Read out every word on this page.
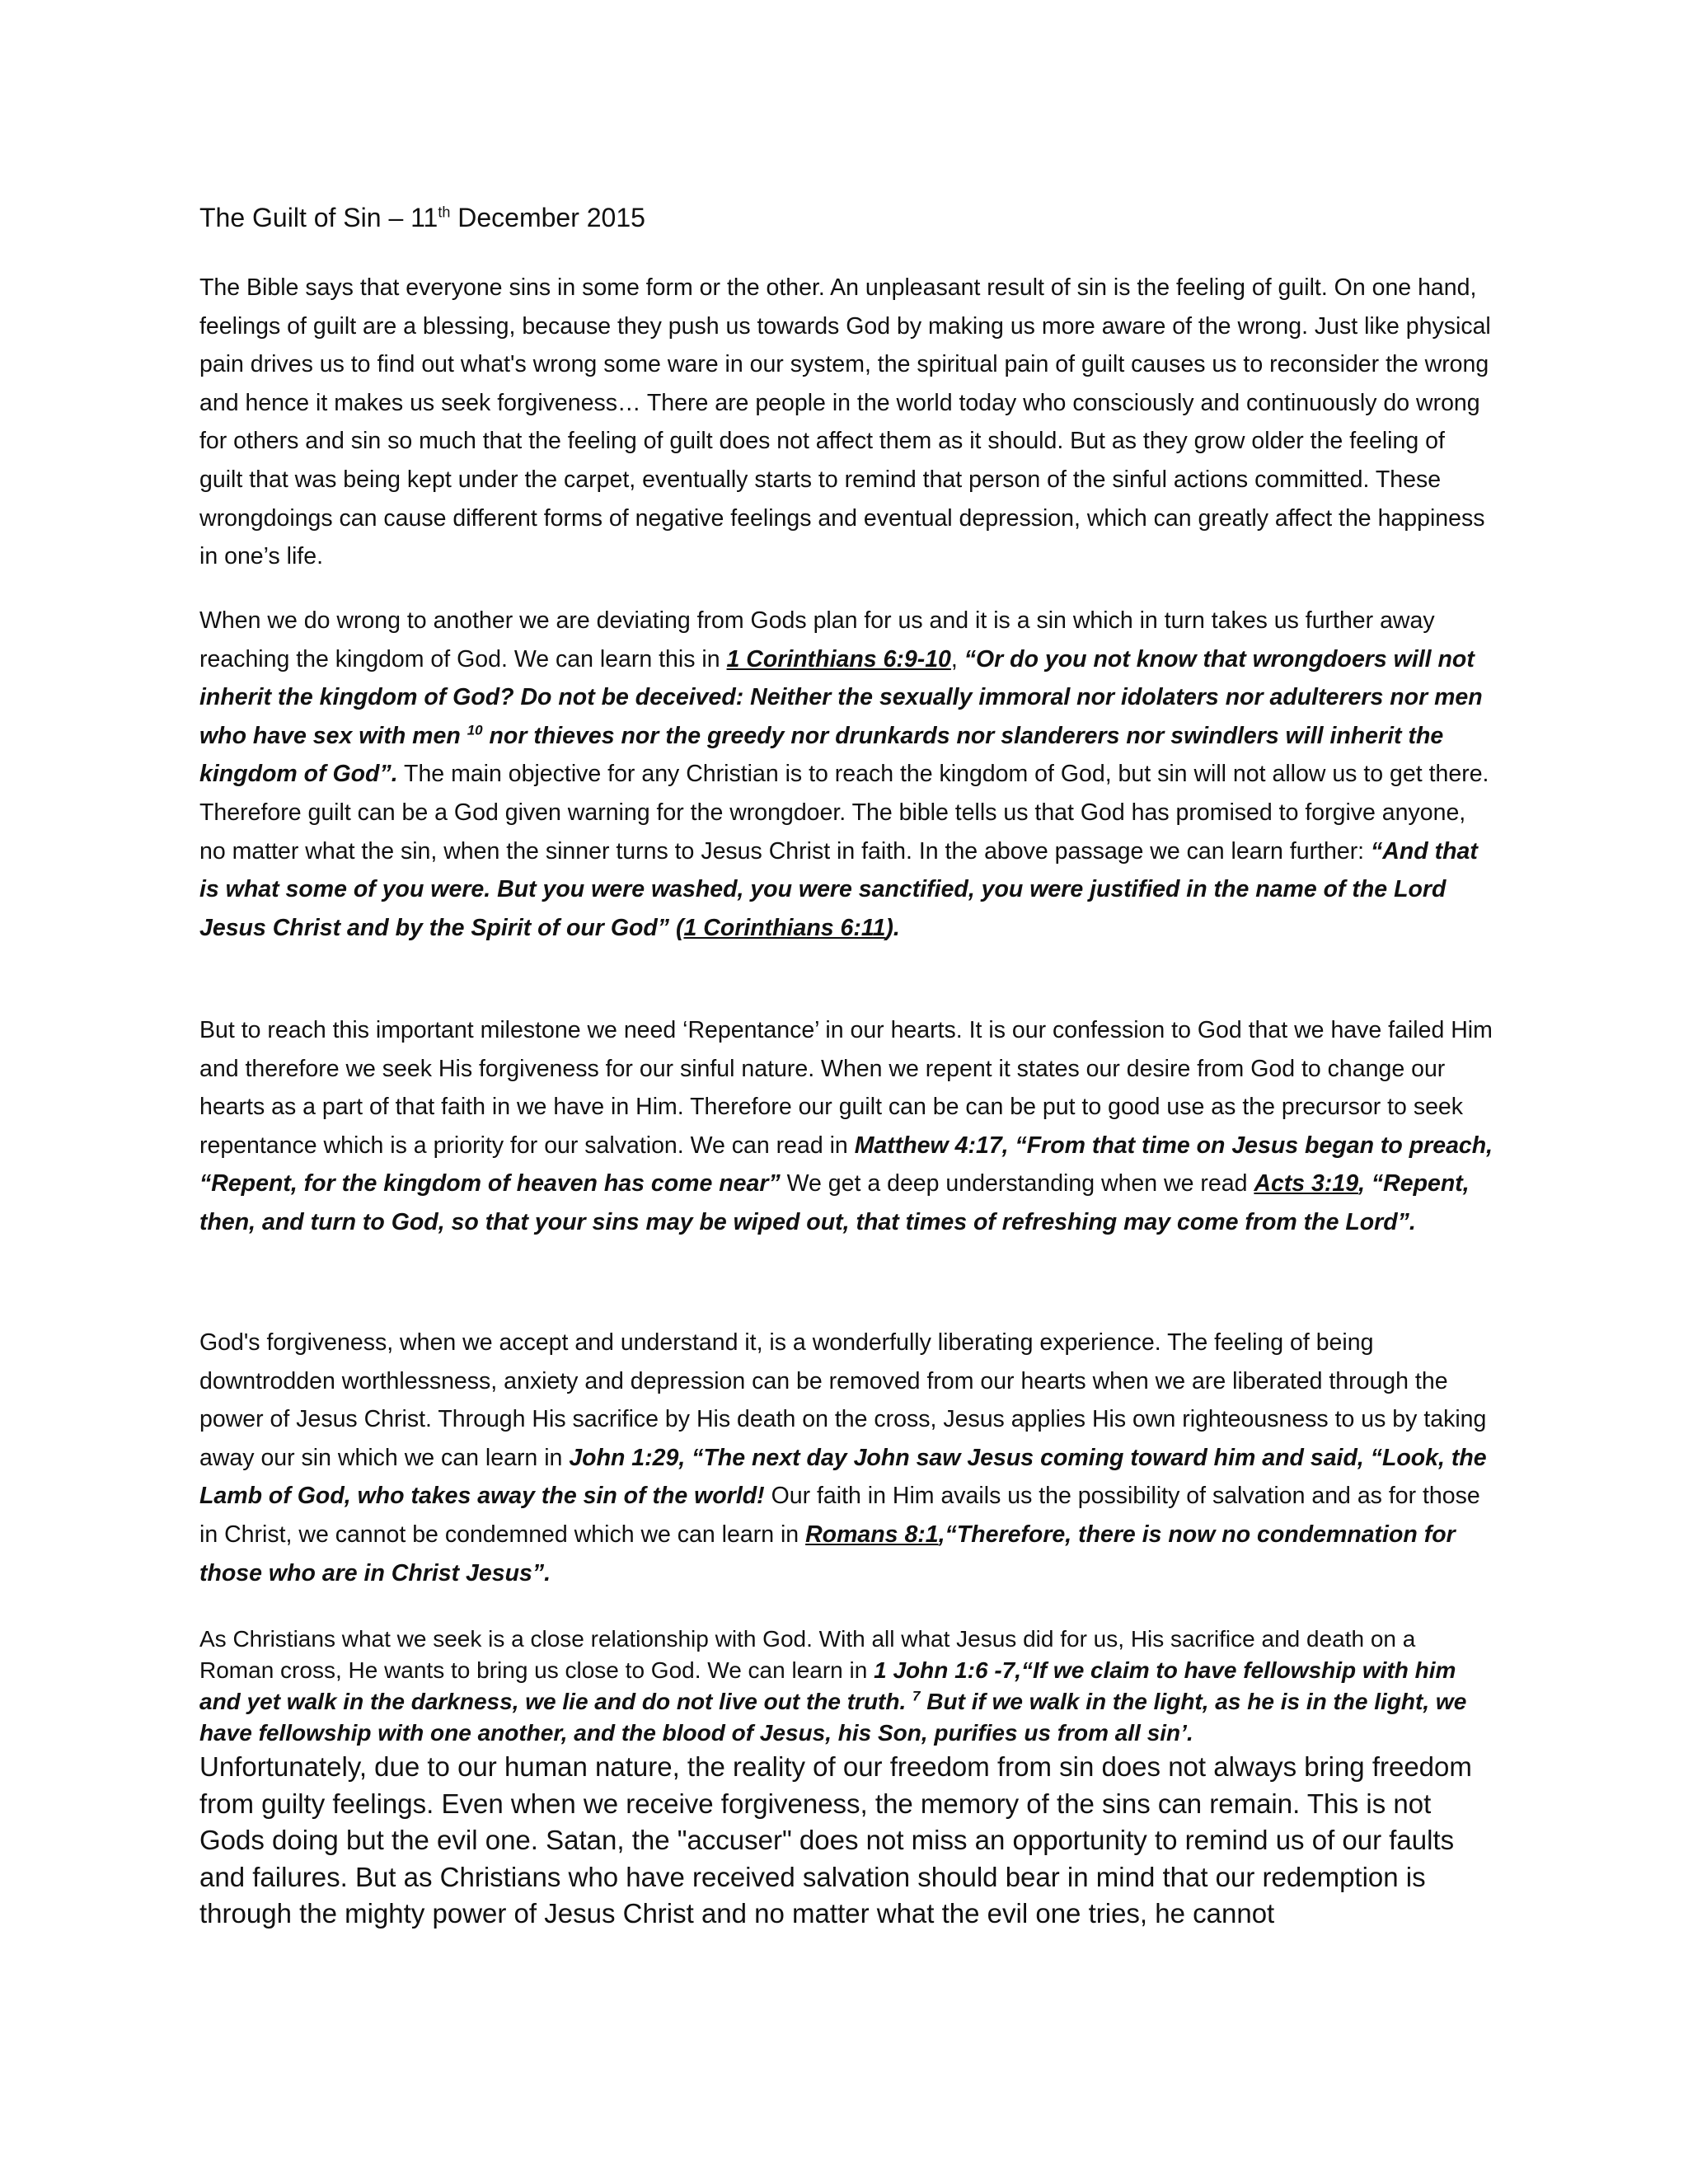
The Guilt of Sin – 11th December 2015
The Bible says that everyone sins in some form or the other. An unpleasant result of sin is the feeling of guilt. On one hand, feelings of guilt are a blessing, because they push us towards God by making us more aware of the wrong. Just like physical pain drives us to find out what's wrong some ware in our system, the spiritual pain of guilt causes us to reconsider the wrong and hence it makes us seek forgiveness… There are people in the world today who consciously and continuously do wrong for others and sin so much that the feeling of guilt does not affect them as it should. But as they grow older the feeling of guilt that was being kept under the carpet, eventually starts to remind that person of the sinful actions committed. These wrongdoings can cause different forms of negative feelings and eventual depression, which can greatly affect the happiness in one’s life.
When we do wrong to another we are deviating from Gods plan for us and it is a sin which in turn takes us further away reaching the kingdom of God. We can learn this in 1 Corinthians 6:9-10, “Or do you not know that wrongdoers will not inherit the kingdom of God? Do not be deceived: Neither the sexually immoral nor idolaters nor adulterers nor men who have sex with men $^{10}$ nor thieves nor the greedy nor drunkards nor slanderers nor swindlers will inherit the kingdom of God”. The main objective for any Christian is to reach the kingdom of God, but sin will not allow us to get there. Therefore guilt can be a God given warning for the wrongdoer. The bible tells us that God has promised to forgive anyone, no matter what the sin, when the sinner turns to Jesus Christ in faith. In the above passage we can learn further: “And that is what some of you were. But you were washed, you were sanctified, you were justified in the name of the Lord Jesus Christ and by the Spirit of our God” (1 Corinthians 6:11).
But to reach this important milestone we need ‘Repentance’ in our hearts. It is our confession to God that we have failed Him and therefore we seek His forgiveness for our sinful nature. When we repent it states our desire from God to change our hearts as a part of that faith in we have in Him. Therefore our guilt can be can be put to good use as the precursor to seek repentance which is a priority for our salvation. We can read in Matthew 4:17, “From that time on Jesus began to preach, “Repent, for the kingdom of heaven has come near” We get a deep understanding when we read Acts 3:19, “Repent, then, and turn to God, so that your sins may be wiped out, that times of refreshing may come from the Lord”.
God's forgiveness, when we accept and understand it, is a wonderfully liberating experience. The feeling of being downtrodden worthlessness, anxiety and depression can be removed from our hearts when we are liberated through the power of Jesus Christ. Through His sacrifice by His death on the cross, Jesus applies His own righteousness to us by taking away our sin which we can learn in John 1:29, “The next day John saw Jesus coming toward him and said, “Look, the Lamb of God, who takes away the sin of the world! Our faith in Him avails us the possibility of salvation and as for those in Christ, we cannot be condemned which we can learn in Romans 8:1,“Therefore, there is now no condemnation for those who are in Christ Jesus”.
As Christians what we seek is a close relationship with God. With all what Jesus did for us, His sacrifice and death on a Roman cross, He wants to bring us close to God. We can learn in 1 John 1:6 -7,“If we claim to have fellowship with him and yet walk in the darkness, we lie and do not live out the truth. $^7$ But if we walk in the light, as he is in the light, we have fellowship with one another, and the blood of Jesus, his Son, purifies us from all sin’.
Unfortunately, due to our human nature, the reality of our freedom from sin does not always bring freedom from guilty feelings. Even when we receive forgiveness, the memory of the sins can remain. This is not Gods doing but the evil one. Satan, the "accuser" does not miss an opportunity to remind us of our faults and failures. But as Christians who have received salvation should bear in mind that our redemption is through the mighty power of Jesus Christ and no matter what the evil one tries, he cannot
